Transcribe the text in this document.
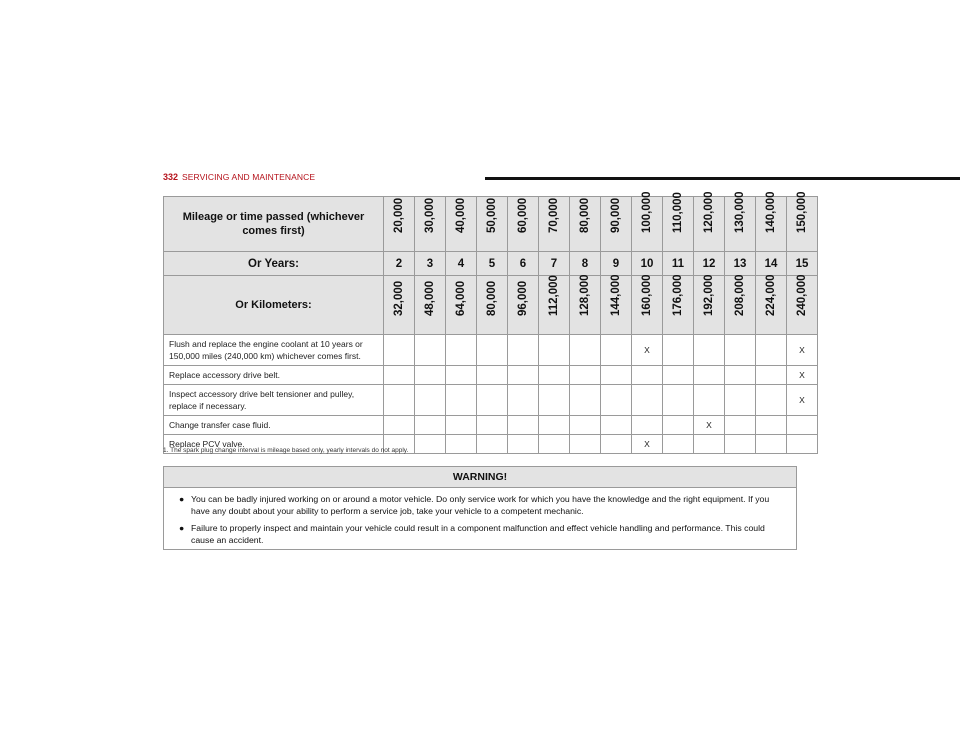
332 SERVICING AND MAINTENANCE
Mileage or time passed (whichever comes first)	20,000	30,000	40,000	50,000	60,000	70,000	80,000	90,000	100,000	110,000	120,000	130,000	140,000	150,000

Or Years:	2	3	4	5	6	7	8	9	10	11	12	13	14	15
Or Kilometers:	32,000	48,000	64,000	80,000	96,000	112,000	128,000	144,000	160,000	176,000	192,000	208,000	224,000	240,000

Flush and replace the engine coolant at 10 years or 150,000 miles (240,000 km) whichever comes first.									X					X
Replace accessory drive belt.														X
Inspect accessory drive belt tensioner and pulley, replace if necessary.														X
Change transfer case fluid.											X			
Replace PCV valve.									X					
1. The spark plug change interval is mileage based only, yearly intervals do not apply.
WARNING!
● You can be badly injured working on or around a motor vehicle. Do only service work for which you have the knowledge and the right equipment. If you have any doubt about your ability to perform a service job, take your vehicle to a competent mechanic.
● Failure to properly inspect and maintain your vehicle could result in a component malfunction and effect vehicle handling and performance. This could cause an accident.
